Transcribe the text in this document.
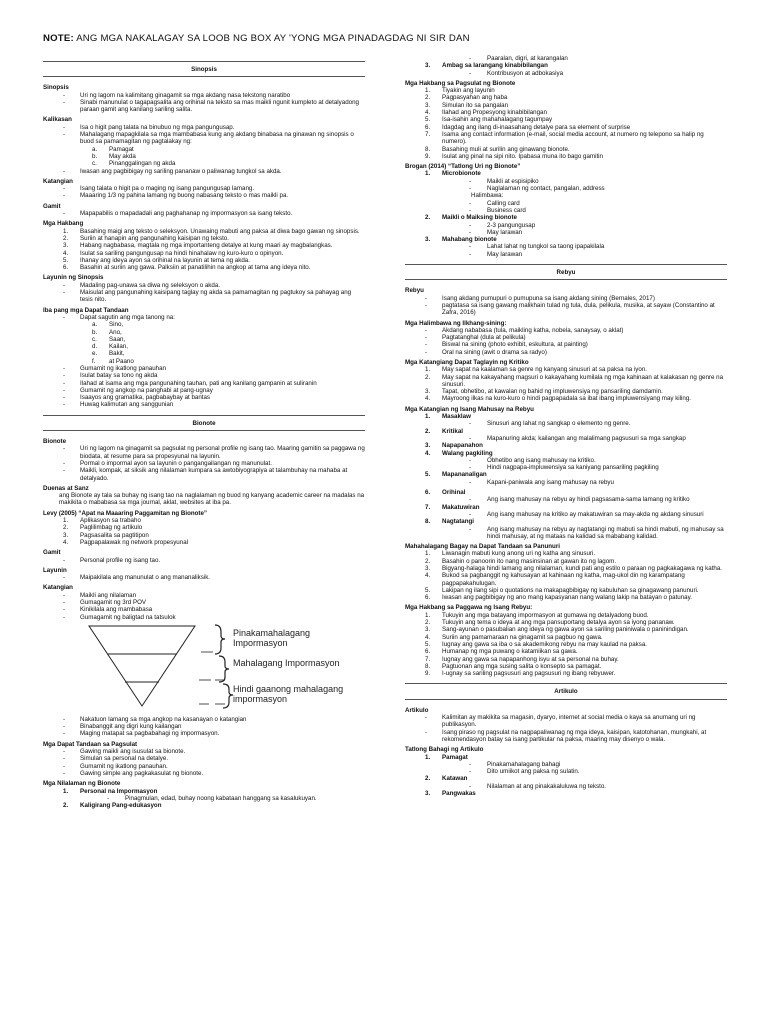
NOTE: ANG MGA NAKALAGAY SA LOOB NG BOX AY 'YONG MGA PINADAGDAG NI SIR DAN
Sinopsis
Sinopsis
- Uri ng lagom na kalimitang ginagamit sa mga akdang nasa tekstong naratibo
- Sinabi manunulat o tagapagsalita ang orihinal na teksto sa mas maikli ngunit kumpleto at detalyadong paraan gamit ang kanilang sariling salita.
Kalikasan
- Isa o higit pang talata na binubuo ng mga pangungusap.
- Mahalagang mapagkilala sa mga mambabasa kung ang akdang binabasa na ginawan ng sinopsis o buod sa pamamagitan ng pagtalakay ng:
a. Pamagat
b. May akda
c. Pinanggalingan ng akda
- Iwasan ang pagbibigay ng sariling pananaw o paliwanag tungkol sa akda.
Katangian
- Isang talata o higit pa o maging ng isang pangungusap lamang.
- Maaaring 1/3 ng pahina lamang ng buong nabasang teksto o mas maikli pa.
Gamit
- Mapapabilis o mapadadali ang paghahanap ng impormasyon sa isang teksto.
Mga Hakbang
1. Basahing maigi ang teksto o seleksyon. Unawaing mabuti ang paksa at diwa bago gawan ng sinopsis.
2. Suriin at hanapin ang pangunahing kaisipan ng teksto.
3. Habang nagbabasa, magtala ng mga importanteng detalye at kung maari ay magbalangkas.
4. Isulat sa sariling pangungusap na hindi hinahalaw ng kuro-kuro o opinyon.
5. Ihanay ang ideya ayon sa orihinal na layunin at tema ng akda.
6. Basahin at suriin ang gawa. Palksiin at panatilihin na angkop at tama ang ideya nito.
Layunin ng Sinopsis
- Madaling pag-unawa sa diwa ng seleksyon o akda.
- Maisulat ang pangunahing kaisipang taglay ng akda sa pamamagitan ng pagtukoy sa pahayag ang tesis nito.
Iba pang mga Dapat Tandaan
- Dapat sagutin ang mga tanong na:
a. Sino,
b. Ano,
c. Saan,
d. Kailan,
e. Bakit,
f. at Paano
- Gumamit ng ikatlong panauhan
- Isulat batay sa tono ng akda
- Ilahad at isama ang mga pangunahing tauhan, pati ang kanilang gampanin at suliranin
- Gumamit ng angkop na panghabi at pang-ugnay
- Isaayos ang gramatika, pagbabaybay at bantas
- Huwag kalimutan ang sanggunian
Bionote
Bionote
- Uri ng lagom na ginagamit sa pagsulat ng personal profile ng isang tao. Maaring gamitin sa paggawa ng biodata, at resume para sa propesyunal na layunin.
- Pormal o impormal ayon sa layunin o pangangailangan ng manunulat.
- Maikli, kompak, at siksik ang nilalaman kumpara sa awtobiyograpiya at talambuhay na mahaba at detalyado.
Duenas at Sanz
ang Bionote ay tala sa buhay ng isang tao na naglalaman ng buod ng kanyang academic career na madalas na makikita o mababasa sa mga journal, aklat, websites at iba pa.
Levy (2005) “Apat na Maaaring Paggamitan ng Bionote”
1. Aplikasyon sa trabaho
2. Paglilimbag ng artikulo
3. Pagsasalita sa pagtitipon
4. Pagpapalawak ng network propesyunal
Gamit
- Personal profile ng isang tao.
Layunin
- Maipakilala ang manunulat o ang mananaliksik.
Katangian
- Maikli ang nilalaman
- Gumagamit ng 3rd POV
- Kinikilala ang mambabasa
- Gumagamit ng baligtad na tatsulok
Pinakamahalagang Impormasyon
Mahalagang Impormasyon
Hindi gaanong mahalagang impormasyon
- Nakatuon lamang sa mga angkop na kasanayan o katangian
- Binabanggit ang digri kung kailangan
- Maging matapat sa pagbabahagi ng impormasyon.
Mga Dapat Tandaan sa Pagsulat
- Gawing maikli ang isusulat sa bionote.
- Simulan sa personal na detalye.
- Gumamit ng ikatlong panauhan.
- Gawing simple ang pagkakasulat ng bionote.
Mga Nilalaman ng Bionote
1. Personal na Impormasyon
-	Pinagmulan, edad, buhay noong kabataan hanggang sa kasalukuyan.
2. Kaligirang Pang-edukasyon
-	Paaralan, digri, at karangalan
3. Ambag sa larangang kinabibilangan
-	Kontribusyon at adbokasiya
Mga Hakbang sa Pagsulat ng Bionote
1. Tiyakin ang layunin
2. Pagpasyahan ang haba
3. Simulan ito sa pangalan
4. Ilahad ang Propesyong kinabibilangan
5. Isa-isahin ang mahahalagang tagumpay
6. Idagdag ang ilang di-inaasahang detalye para sa element of surprise
7. Isama ang contact information (e-mail, social media account, at numero ng telepono sa halip ng numero).
8. Basahing muli at surilin ang ginawang bionote.
9. Isulat ang pinal na sipi nito. Ipabasa muna ito bago gamitin
Brogan (2014) “Tatlong Uri ng Bionote”
1. Microbionote
-	Maikli at espisipiko
-	Naglalaman ng contact, pangalan, address
Halimbawa:
-	Calling card
-	Business card
2. Maikli o Maiksing bionote
-	2-3 pangungusap
-	May larawan
3. Mahabang bionote
-	Lahat lahat ng tungkol sa taong ipapakilala
-	May larawan
Rebyu
Rebyu
- Isang akdang pumupuri o pumupuna sa isang akdang sining (Bernales, 2017)
- pagtatasa sa isang gawang malikhain tulad ng tula, dula, pelikula, musika, at sayaw (Constantino at Zafra, 2016)
Mga Halimbawa ng Ilkhang-sining:
- Akdang nababasa (tula, maikling katha, nobela, sanaysay, o aklat)
- Pagtatanghal (dula at pelikula)
- Biswal na sining (photo exhibit, eskultura, at painting)
- Oral na sining (awit o drama sa radyo)
Mga Katangiang Dapat Taglayin ng Kritiko
1. May sapat na kaalaman sa genre ng kanyang sinusuri at sa paksa na iyon.
2. May sapat na kakayahang magsuri o kakayahang kumilala ng mga kahinaan at kalakasan ng genre na sinusuri.
3. Tapat, obhetibo, at kawalan ng bahid ng impluwensiya ng pansariling damdamin.
4. Mayroong ilkas na kuro-kuro o hindi pagpapadala sa ibat ibang impluwensiyang may kiling.
Mga Katangian ng Isang Mahusay na Rebyu
1. Masaklaw
-	Sinusuri ang lahat ng sangkap o elemento ng genre.
2. Kritikal
-	Mapanuring akda; kailangan ang malalimang pagsusuri sa mga sangkap
3. Napapanahon
4. Walang pagkiling
-	Obhetibo ang isang mahusay na kritiko.
-	Hindi nagpapa-impluwensiya sa kaniyang pansariling pagkiling
5. Mapananaligan
-	Kapani-paniwala ang isang mahusay na rebyu
6. Orihinal
-	Ang isang mahusay na rebyu ay hindi pagsasama-sama lamang ng kritiko
7. Makatuwiran
-	Ang isang mahusay na kritiko ay makatuwiran sa may-akda ng akdang sinusuri
8. Nagtatangi
-	Ang isang mahusay na rebyu ay nagtatangi ng mabuti sa hindi mabuti, ng mahusay sa hindi mahusay, at ng mataas na kalidad sa mababang kalidad.
Mahahalagang Bagay na Dapat Tandaan sa Panunuri
1. Liwanagin mabuti kung anong uri ng katha ang sinusuri.
2. Basahin o panoorin ito nang masinsinan at gawan ito ng lagom.
3. Bigyang-halaga hindi lamang ang nilalaman, kundi pati ang estilo o paraan ng pagkakagawa ng katha.
4. Bukod sa pagbanggit ng kahusayan at kahinaan ng katha, mag-ukol din ng karampatang pagpapakahulugan.
5. Lakipan ng ilang sipi o quotations na makapagbibigay ng kabuluhan sa ginagawang panunuri.
6. Iwasan ang pagbibigay ng ano mang kapasyanan nang walang lakip na batayan o patunay.
Mga Hakbang sa Paggawa ng Isang Rebyu:
1. Tukuyin ang mga batayang impormasyon at gumawa ng detalyadong buod.
2. Tukuyin ang tema o ideya at ang mga pansuportang detalya ayon sa iyong pananaw.
3. Sang-ayunan o pasubalian ang ideya ng gawa ayon sa sariling paniniwala o paninindigan.
4. Suriin ang pamamaraan na ginagamit sa pagbuo ng gawa.
5. Iugnay ang gawa sa iba o sa akademikong rebyu na may kaulad na paksa.
6. Humanap ng mga puwang o katamiikan sa gawa.
7. Iugnay ang gawa sa napapanhong isyu at sa personal na buhay.
8. Pagtuonan ang mga susing salita o konsepto sa pamagat.
9. I-ugnay sa sariling pagsusuri ang pagsusuri ng ibang rebyuwer.
Artikulo
Artikulo
- Kalimitan ay makikita sa magasin, dyaryo, internet at social media o kaya sa anumang uri ng publikasyon.
- Isang piraso ng pagsulat na nagpapaliwanag ng mga ideya, kaisipan, katotohanan, mungkahi, at rekomendasyon batay sa isang partikular na paksa, maaring may disenyo o wala.
Tatlong Bahagi ng Artikulo
1. Pamagat
-	Pinakamahalagang bahagi
-	Dito umiikot ang paksa ng sulatin.
2. Katawan
-	Nilalaman at ang pinakakaluluwa ng teksto.
3. Pangwakas
